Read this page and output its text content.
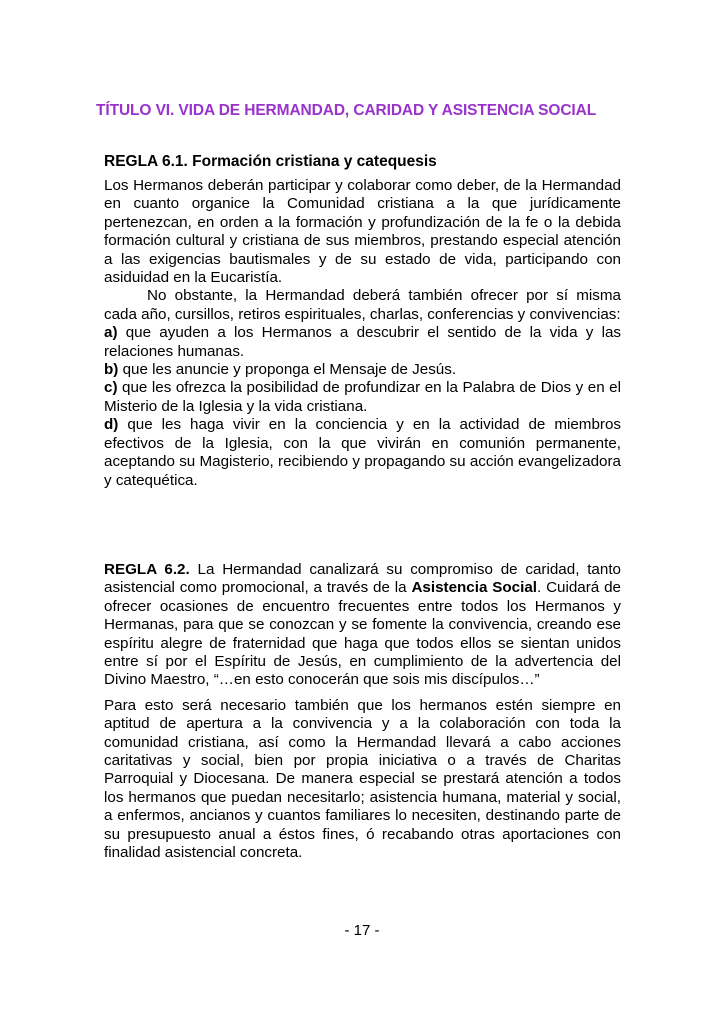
TÍTULO VI. VIDA DE HERMANDAD, CARIDAD Y ASISTENCIA SOCIAL
REGLA 6.1. Formación cristiana y catequesis

Los Hermanos deberán participar y colaborar como deber, de la Hermandad en cuanto organice la Comunidad cristiana a la que jurídicamente pertenezcan, en orden a la formación y profundización de la fe o la debida formación cultural y cristiana de sus miembros, prestando especial atención a las exigencias bautismales y de su estado de vida, participando con asiduidad en la Eucaristía.

No obstante, la Hermandad deberá también ofrecer por sí misma cada año, cursillos, retiros espirituales, charlas, conferencias y convivencias:

a) que ayuden a los Hermanos a descubrir el sentido de la vida y las relaciones humanas.

b) que les anuncie y proponga el Mensaje de Jesús.

c) que les ofrezca la posibilidad de profundizar en la Palabra de Dios y en el Misterio de la Iglesia y la vida cristiana.

d) que les haga vivir en la conciencia y en la actividad de miembros efectivos de la Iglesia, con la que vivirán en comunión permanente, aceptando su Magisterio, recibiendo y propagando su acción evangelizadora y catequética.

REGLA 6.2. La Hermandad canalizará su compromiso de caridad, tanto asistencial como promocional, a través de la Asistencia Social. Cuidará de ofrecer ocasiones de encuentro frecuentes entre todos los Hermanos y Hermanas, para que se conozcan y se fomente la convivencia, creando ese espíritu alegre de fraternidad que haga que todos ellos se sientan unidos entre sí por el Espíritu de Jesús, en cumplimiento de la advertencia del Divino Maestro, “…en esto conocerán que sois mis discípulos…”

Para esto será necesario también que los hermanos estén siempre en aptitud de apertura a la convivencia y a la colaboración con toda la comunidad cristiana, así como la Hermandad llevará a cabo acciones caritativas y social, bien por propia iniciativa o a través de Charitas Parroquial y Diocesana. De manera especial se prestará atención a todos los hermanos que puedan necesitarlo; asistencia humana, material y social, a enfermos, ancianos y cuantos familiares lo necesiten, destinando parte de su presupuesto anual a éstos fines, ó recabando otras aportaciones con finalidad asistencial concreta.

- 17 -
